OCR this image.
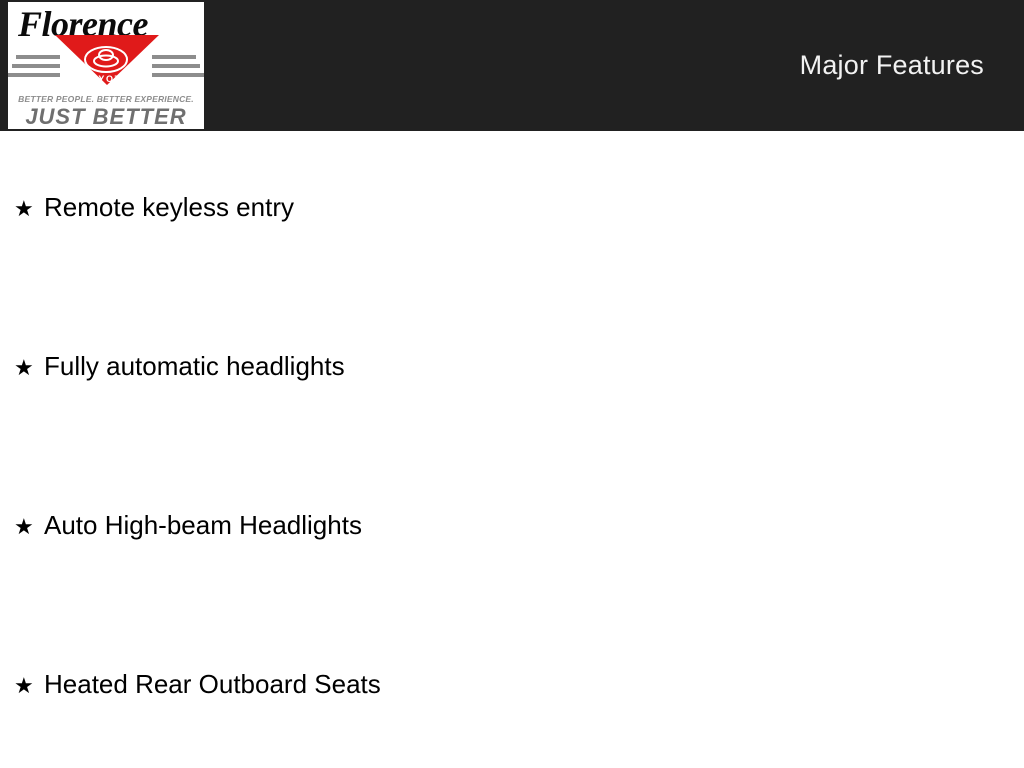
Florence
TOYOTA
BETTER PEOPLE. BETTER EXPERIENCE.
JUST BETTER
Major Features
★ Remote keyless entry
★ Fully automatic headlights
★ Auto High-beam Headlights
★ Heated Rear Outboard Seats
